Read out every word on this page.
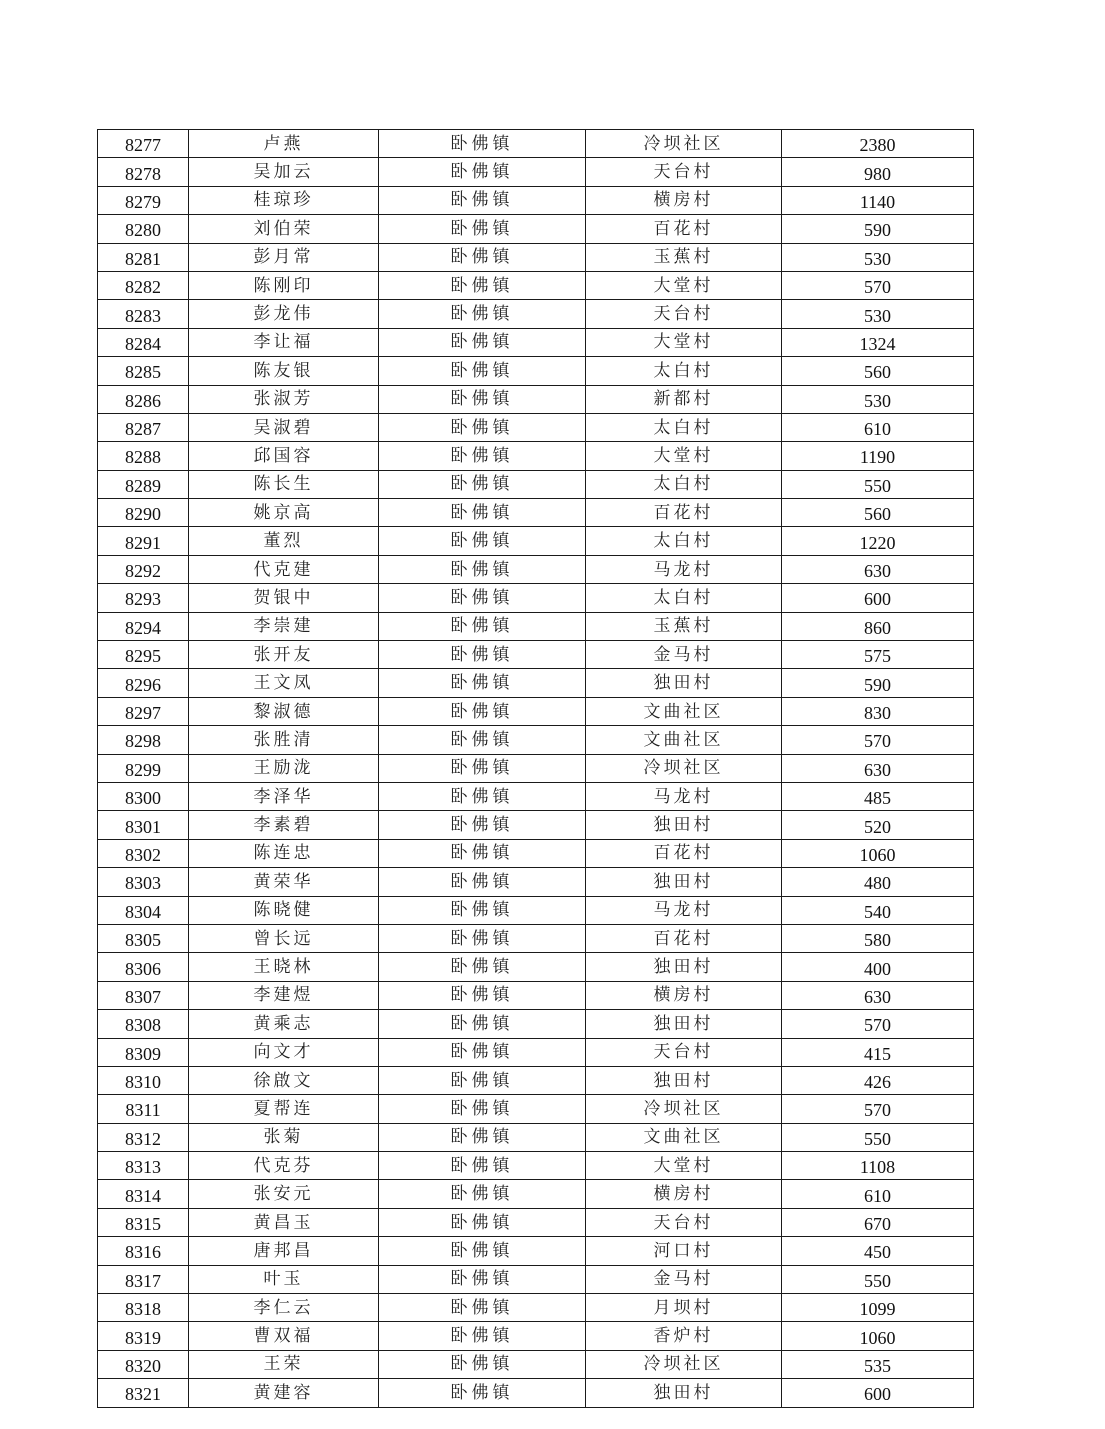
8277	卢燕	卧佛镇	冷坝社区	2380
8278	吴加云	卧佛镇	天台村	980
8279	桂琼珍	卧佛镇	横房村	1140
8280	刘伯荣	卧佛镇	百花村	590
8281	彭月常	卧佛镇	玉蕉村	530
8282	陈刚印	卧佛镇	大堂村	570
8283	彭龙伟	卧佛镇	天台村	530
8284	李让福	卧佛镇	大堂村	1324
8285	陈友银	卧佛镇	太白村	560
8286	张淑芳	卧佛镇	新都村	530
8287	吴淑碧	卧佛镇	太白村	610
8288	邱国容	卧佛镇	大堂村	1190
8289	陈长生	卧佛镇	太白村	550
8290	姚京高	卧佛镇	百花村	560
8291	董烈	卧佛镇	太白村	1220
8292	代克建	卧佛镇	马龙村	630
8293	贺银中	卧佛镇	太白村	600
8294	李崇建	卧佛镇	玉蕉村	860
8295	张开友	卧佛镇	金马村	575
8296	王文凤	卧佛镇	独田村	590
8297	黎淑德	卧佛镇	文曲社区	830
8298	张胜清	卧佛镇	文曲社区	570
8299	王励泷	卧佛镇	冷坝社区	630
8300	李泽华	卧佛镇	马龙村	485
8301	李素碧	卧佛镇	独田村	520
8302	陈连忠	卧佛镇	百花村	1060
8303	黄荣华	卧佛镇	独田村	480
8304	陈晓健	卧佛镇	马龙村	540
8305	曾长远	卧佛镇	百花村	580
8306	王晓林	卧佛镇	独田村	400
8307	李建煜	卧佛镇	横房村	630
8308	黄乘志	卧佛镇	独田村	570
8309	向文才	卧佛镇	天台村	415
8310	徐啟文	卧佛镇	独田村	426
8311	夏帮连	卧佛镇	冷坝社区	570
8312	张菊	卧佛镇	文曲社区	550
8313	代克芬	卧佛镇	大堂村	1108
8314	张安元	卧佛镇	横房村	610
8315	黄昌玉	卧佛镇	天台村	670
8316	唐邦昌	卧佛镇	河口村	450
8317	叶玉	卧佛镇	金马村	550
8318	李仁云	卧佛镇	月坝村	1099
8319	曹双福	卧佛镇	香炉村	1060
8320	王荣	卧佛镇	冷坝社区	535
8321	黄建容	卧佛镇	独田村	600
